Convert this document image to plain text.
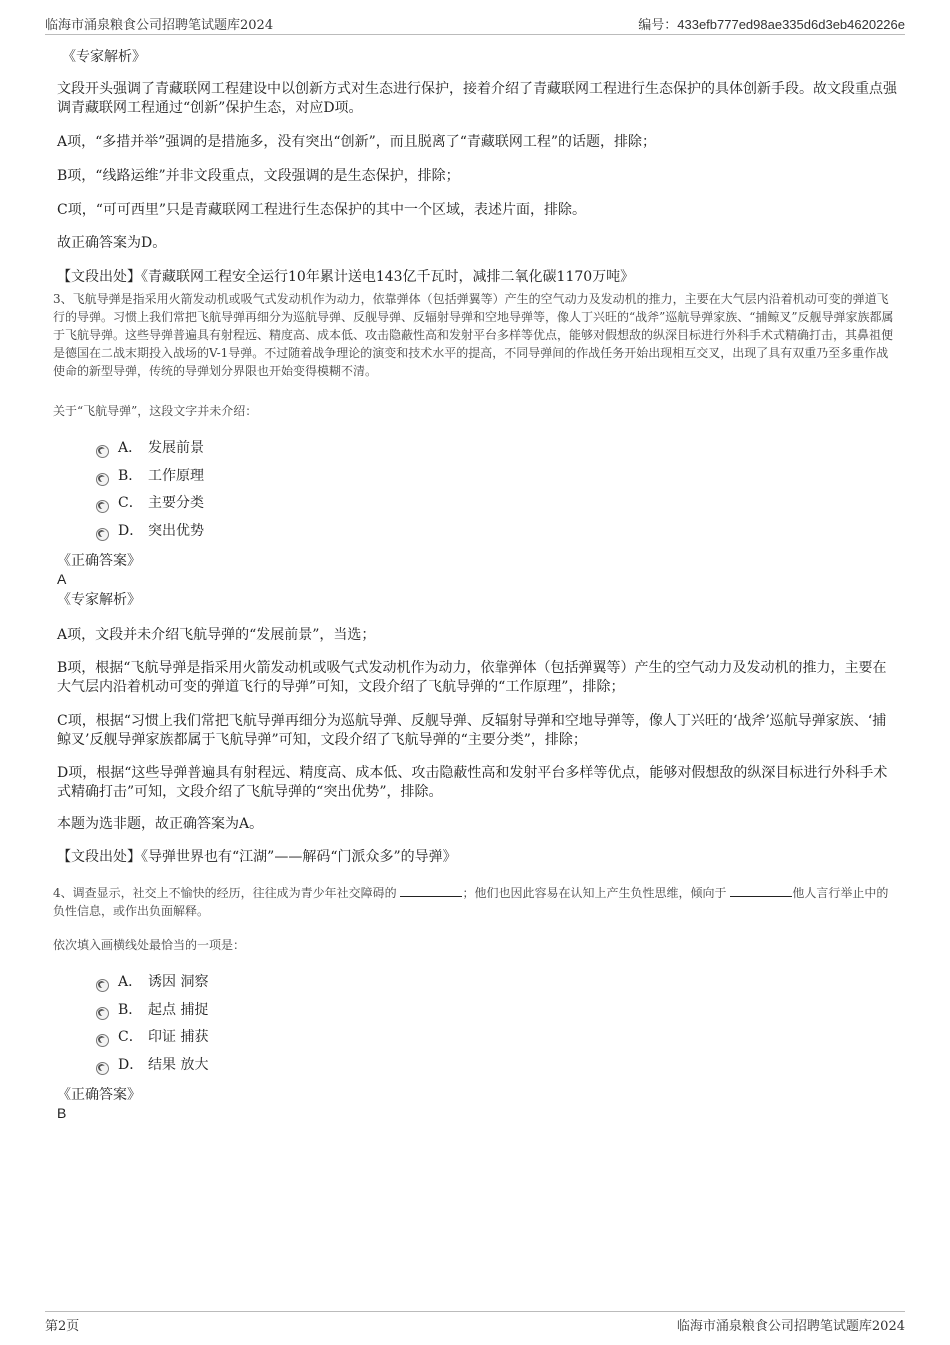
临海市涌泉粮食公司招聘笔试题库2024	编号：433efb777ed98ae335d6d3eb4620226e
《专家解析》
文段开头强调了青藏联网工程建设中以创新方式对生态进行保护，接着介绍了青藏联网工程进行生态保护的具体创新手段。故文段重点强调青藏联网工程通过“创新”保护生态，对应D项。
A项，“多措并举”强调的是措施多，没有突出“创新”，而且脱离了“青藏联网工程”的话题，排除；
B项，“线路运维”并非文段重点，文段强调的是生态保护，排除；
C项，“可可西里”只是青藏联网工程进行生态保护的其中一个区域，表述片面，排除。
故正确答案为D。
【文段出处】《青藏联网工程安全运行10年累计送电143亿千瓦时，减排二氧化碳1170万吨》
3、飞航导弹是指采用火箭发动机或吸气式发动机作为动力，依靠弹体（包括弹翼等）产生的空气动力及发动机的推力，主要在大气层内沿着机动可变的弹道飞行的导弹。习惯上我们常把飞航导弹再细分为巡航导弹、反舰导弹、反辐射导弹和空地导弹等，像人丁兴旺的“战斧”巡航导弹家族、“捕鲸叉”反舰导弹家族都属于飞航导弹。这些导弹普遍具有射程远、精度高、成本低、攻击隐蔽性高和发射平台多样等优点，能够对假想敌的纵深目标进行外科手术式精确打击，其鼻祖便是德国在二战末期投入战场的V-1导弹。不过随着战争理论的演变和技术水平的提高，不同导弹间的作战任务开始出现相互交叉，出现了具有双重乃至多重作战使命的新型导弹，传统的导弹划分界限也开始变得模糊不清。
关于“飞航导弹”，这段文字并未介绍：
A． 发展前景
B． 工作原理
C． 主要分类
D． 突出优势
《正确答案》
A
《专家解析》
A项，文段并未介绍飞航导弹的“发展前景”，当选；
B项，根据“飞航导弹是指采用火箭发动机或吸气式发动机作为动力，依靠弹体（包括弹翼等）产生的空气动力及发动机的推力，主要在大气层内沿着机动可变的弹道飞行的导弹”可知，文段介绍了飞航导弹的“工作原理”，排除；
C项，根据“习惯上我们常把飞航导弹再细分为巡航导弹、反舰导弹、反辐射导弹和空地导弹等，像人丁兴旺的‘战斧’巡航导弹家族、‘捕鲸叉’反舰导弹家族都属于飞航导弹”可知，文段介绍了飞航导弹的“主要分类”，排除；
D项，根据“这些导弹普遍具有射程远、精度高、成本低、攻击隐蔽性高和发射平台多样等优点，能够对假想敌的纵深目标进行外科手术式精确打击”可知，文段介绍了飞航导弹的“突出优势”，排除。
本题为选非题，故正确答案为A。
【文段出处】《导弹世界也有“江湖”——解码“门派众多”的导弹》
4、调查显示，社交上不愉快的经历，往往成为青少年社交障碍的	；他们也因此容易在认知上产生负性思维，倾向于	他人言行举止中的负性信息，或作出负面解释。
依次填入画横线处最恰当的一项是：
A． 诱因 洞察
B． 起点 捕捉
C． 印证 捕获
D． 结果 放大
《正确答案》
B
第2页	临海市涌泉粮食公司招聘笔试题库2024
